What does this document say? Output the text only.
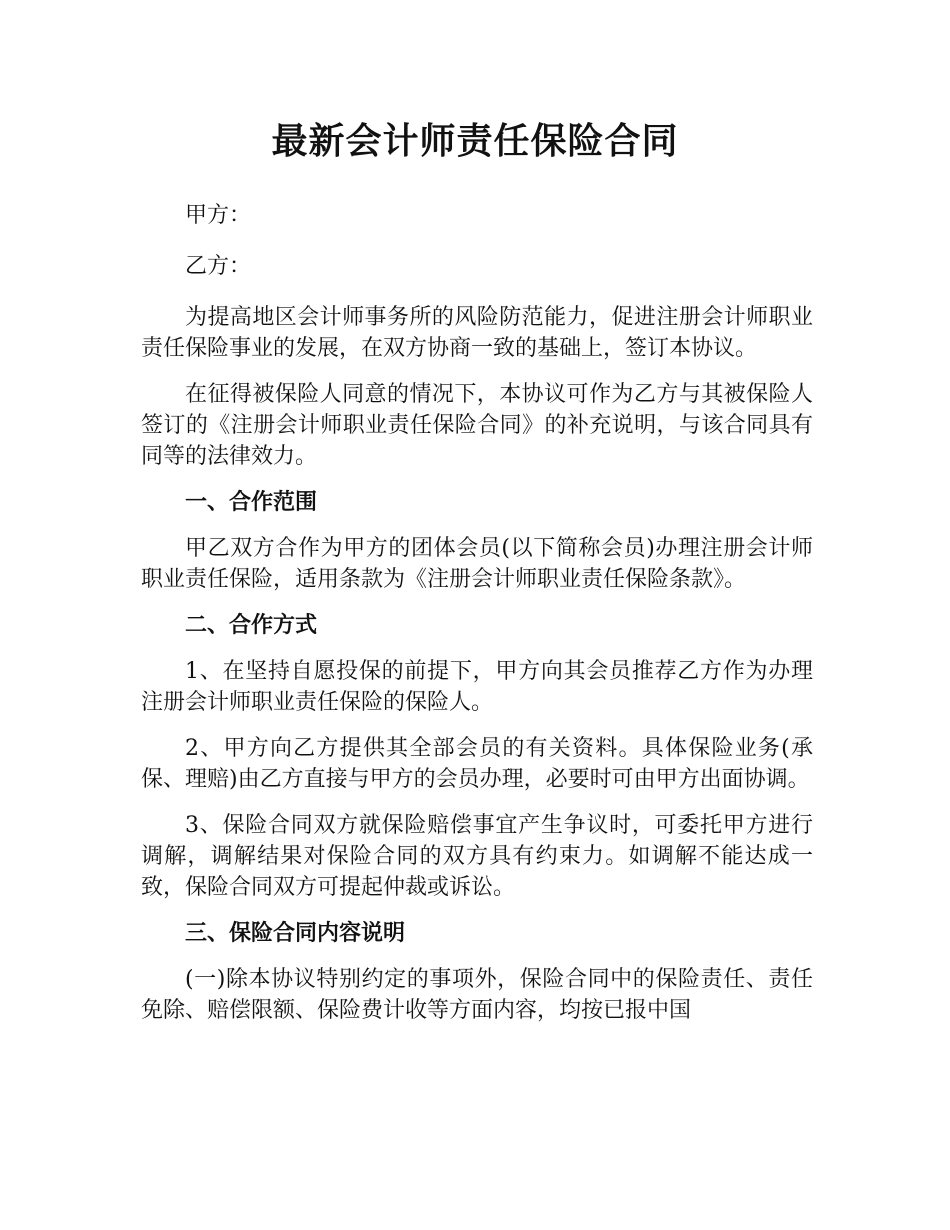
最新会计师责任保险合同

甲方：

乙方：

为提高地区会计师事务所的风险防范能力，促进注册会计师职业责任保险事业的发展，在双方协商一致的基础上，签订本协议。

在征得被保险人同意的情况下，本协议可作为乙方与其被保险人签订的《注册会计师职业责任保险合同》的补充说明，与该合同具有同等的法律效力。

一、合作范围

甲乙双方合作为甲方的团体会员(以下简称会员)办理注册会计师职业责任保险，适用条款为《注册会计师职业责任保险条款》。

二、合作方式

1、在坚持自愿投保的前提下，甲方向其会员推荐乙方作为办理注册会计师职业责任保险的保险人。

2、甲方向乙方提供其全部会员的有关资料。具体保险业务(承保、理赔)由乙方直接与甲方的会员办理，必要时可由甲方出面协调。

3、保险合同双方就保险赔偿事宜产生争议时，可委托甲方进行调解，调解结果对保险合同的双方具有约束力。如调解不能达成一致，保险合同双方可提起仲裁或诉讼。

三、保险合同内容说明

(一)除本协议特别约定的事项外，保险合同中的保险责任、责任免除、赔偿限额、保险费计收等方面内容，均按已报中国
